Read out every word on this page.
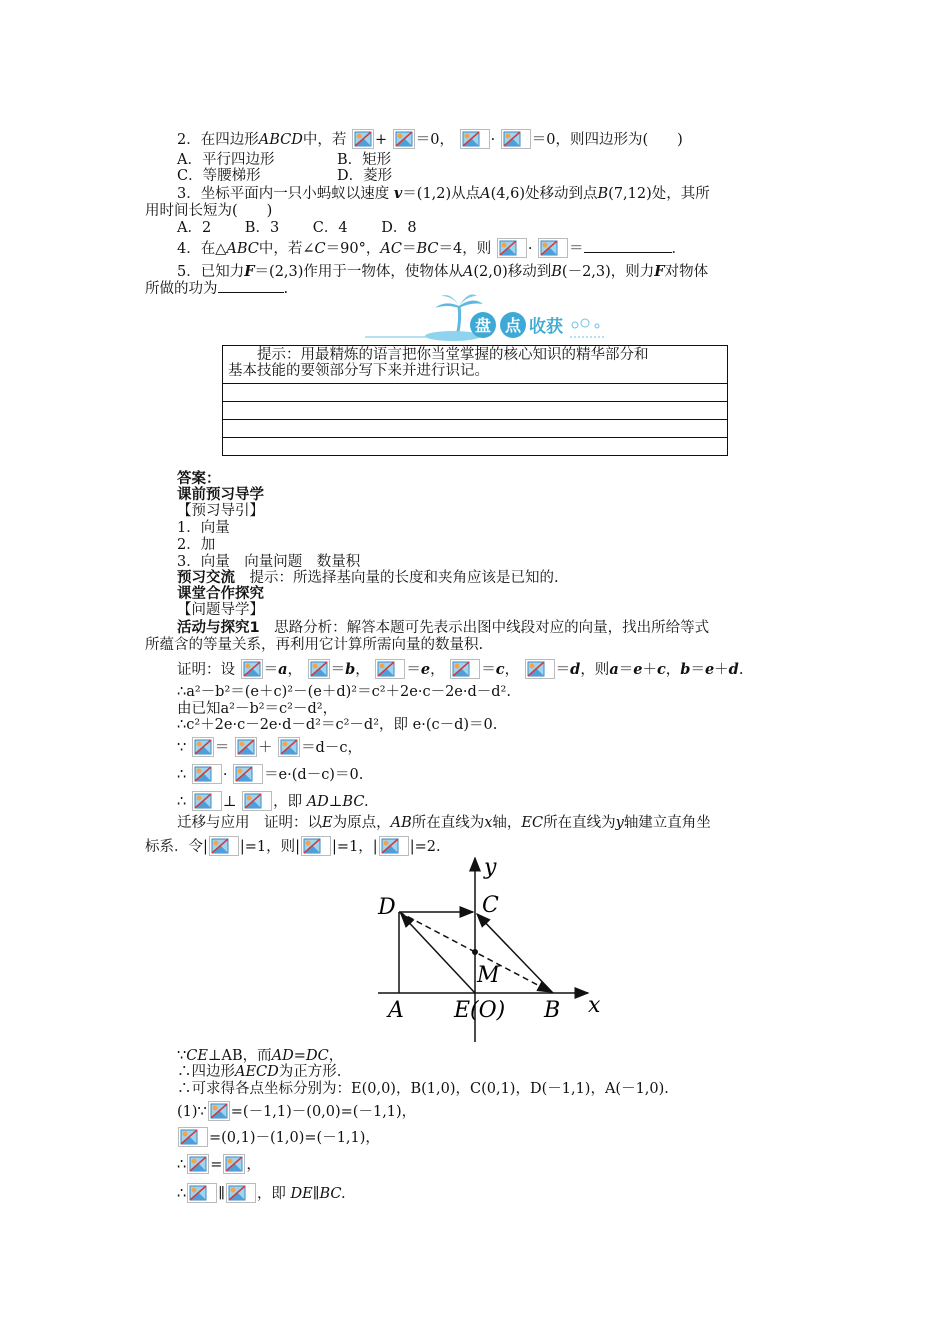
2．在四边形ABCD中，若 + ＝0，	·	＝0，则四边形为(　　)
A．平行四边形	B．矩形
C．等腰梯形	D．菱形
3．坐标平面内一只小蚂蚁以速度 v＝(1,2)从点A(4,6)处移动到点B(7,12)处，其所
用时间长短为(　　)
A．2　　 B．3　　 C．4　　 D．8
4．在△ABC中，若∠C＝90°，AC＝BC＝4，则	·	＝	．
5．已知力F＝(2,3)作用于一物体，使物体从A(2,0)移动到B(－2,3)，则力F对物体
所做的功为	.
盘 点 收获
　　提示：用最精炼的语言把你当堂掌握的核心知识的精华部分和
基本技能的要领部分写下来并进行识记。

答案：
课前预习导学
【预习导引】
1．向量
2．加
3．向量　向量问题　数量积
预习交流　提示：所选择基向量的长度和夹角应该是已知的.
课堂合作探究
【问题导学】
活动与探究1　思路分析：解答本题可先表示出图中线段对应的向量，找出所给等式
所蕴含的等量关系，再利用它计算所需向量的数量积.
证明：设 ＝a， ＝b，	＝e，	＝c，	＝d，则a＝e＋c，b＝e＋d.
∴a²－b²＝(e＋c)²－(e＋d)²＝c²＋2e·c－2e·d－d².
由已知a²－b²＝c²－d²，
∴c²＋2e·c－2e·d－d²＝c²－d²，即 e·(c－d)＝0.
∵ ＝ ＋ ＝d－c，
∴	·	＝e·(d－c)＝0.
∴	⊥	，即 AD⊥BC.
迁移与应用　证明：以E为原点，AB所在直线为x轴，EC所在直线为y轴建立直角坐
标系．令| |=1，则| |=1，| |=2.
D	C
M
A E(O) B x
y
∵CE⊥AB，而AD=DC，
∴四边形AECD为正方形.
∴可求得各点坐标分别为：E(0,0)，B(1,0)，C(0,1)，D(－1,1)，A(－1,0).
(1)∵ =(－1,1)－(0,0)=(－1,1)，
=(0,1)－(1,0)=(－1,1)，
∴ = ，
∴ ∥ ，即 DE∥BC.
